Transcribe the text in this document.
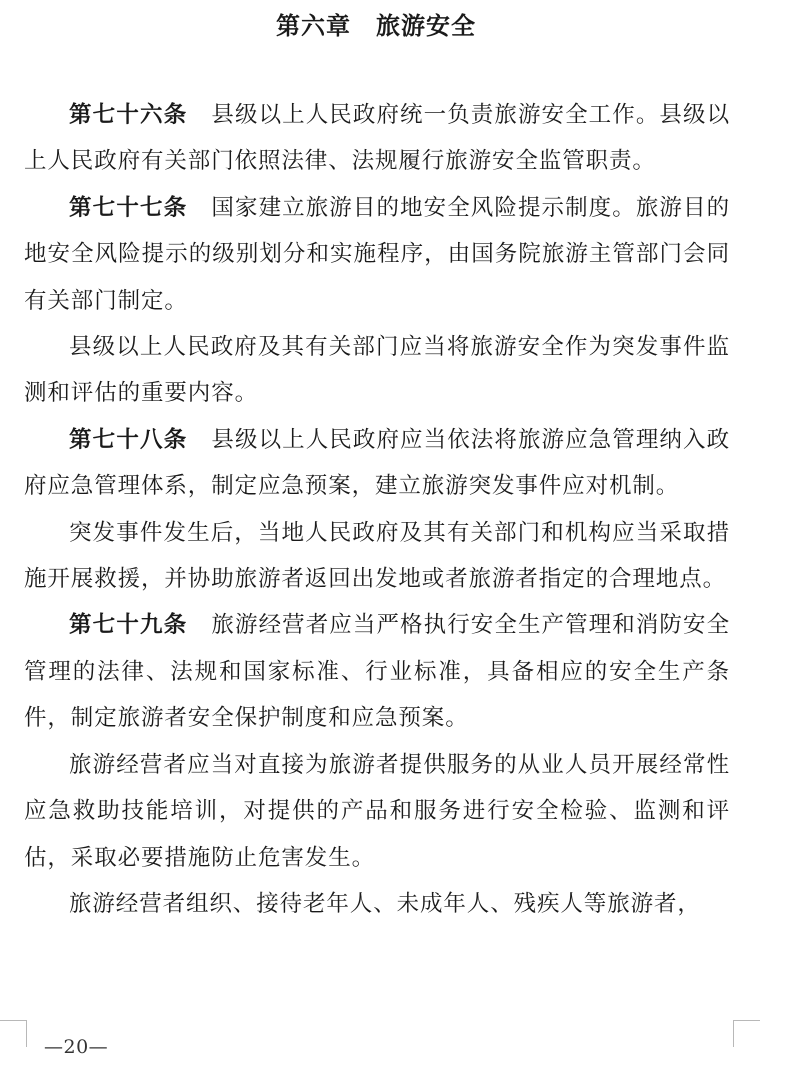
第六章　旅游安全

第七十六条 县级以上人民政府统一负责旅游安全工作。县级以上人民政府有关部门依照法律、法规履行旅游安全监管职责。

第七十七条 国家建立旅游目的地安全风险提示制度。旅游目的地安全风险提示的级别划分和实施程序，由国务院旅游主管部门会同有关部门制定。

县级以上人民政府及其有关部门应当将旅游安全作为突发事件监测和评估的重要内容。

第七十八条 县级以上人民政府应当依法将旅游应急管理纳入政府应急管理体系，制定应急预案，建立旅游突发事件应对机制。

突发事件发生后，当地人民政府及其有关部门和机构应当采取措施开展救援，并协助旅游者返回出发地或者旅游者指定的合理地点。

第七十九条 旅游经营者应当严格执行安全生产管理和消防安全管理的法律、法规和国家标准、行业标准，具备相应的安全生产条件，制定旅游者安全保护制度和应急预案。

旅游经营者应当对直接为旅游者提供服务的从业人员开展经常性应急救助技能培训，对提供的产品和服务进行安全检验、监测和评估，采取必要措施防止危害发生。

旅游经营者组织、接待老年人、未成年人、残疾人等旅游者，

—20—
